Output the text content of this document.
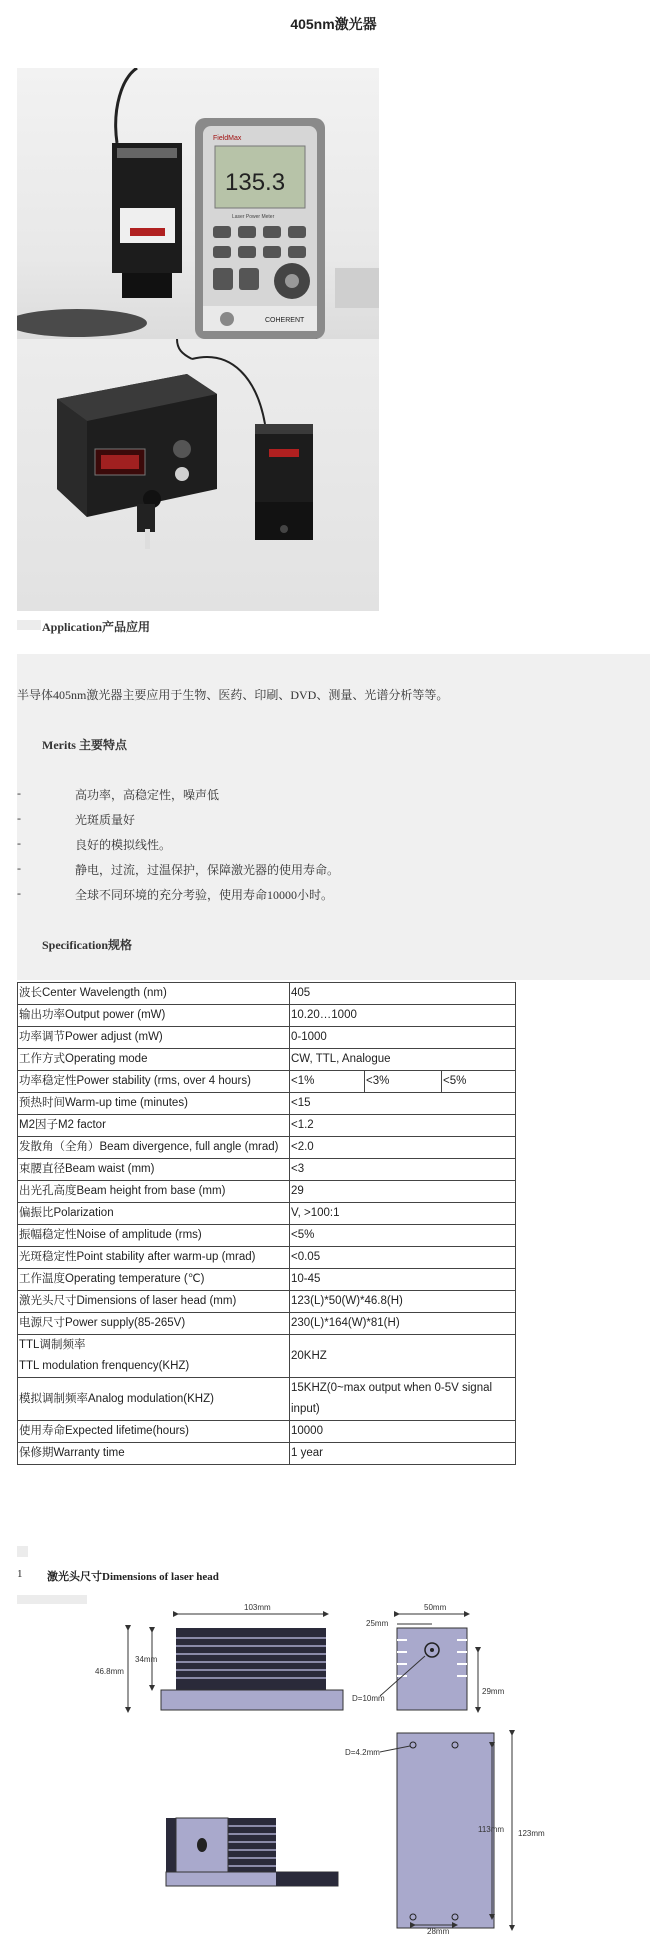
405nm激光器
FieldMax
135.3
Laser Power Meter
COHERENT
Application产品应用
半导体405nm激光器主要应用于生物、医药、印刷、DVD、测量、光谱分析等等。
Merits 主要特点
-	高功率，高稳定性，噪声低
-	光斑质量好
-	良好的模拟线性。
-	静电，过流，过温保护，保障激光器的使用寿命。
-	全球不同环境的充分考验，使用寿命10000小时。
Specification规格
波长Center Wavelength (nm)	405		
输出功率Output power (mW)	10.20…1000		
功率调节Power adjust (mW)	0-1000		
工作方式Operating mode	CW, TTL, Analogue		
功率稳定性Power stability (rms, over 4 hours)	<1%	<3%	<5%
预热时间Warm-up time (minutes)	<15		
M2因子M2 factor	<1.2		
发散角（全角）Beam divergence, full angle (mrad)	<2.0		
束腰直径Beam waist (mm)	<3		
出光孔高度Beam height from base (mm)	29		
偏振比Polarization	V, >100:1		
振幅稳定性Noise of amplitude (rms)	<5%		
光斑稳定性Point stability after warm-up (mrad)	<0.05		
工作温度Operating temperature (℃)	10-45		
激光头尺寸Dimensions of laser head (mm)	123(L)*50(W)*46.8(H)		
电源尺寸Power supply(85-265V)	230(L)*164(W)*81(H)		

TTL调制频率
TTL modulation frenquency(KHZ)	20KHZ		
模拟调制频率Analog modulation(KHZ)	15KHZ(0~max output when 0-5V signal input)		
使用寿命Expected lifetime(hours)	10000		
保修期Warranty time	1 year		
1 激光头尺寸Dimensions of laser head
103mm
34mm
46.8mm
50mm
25mm
D=10mm
29mm
D=4.2mm
113mm 123mm
28mm
